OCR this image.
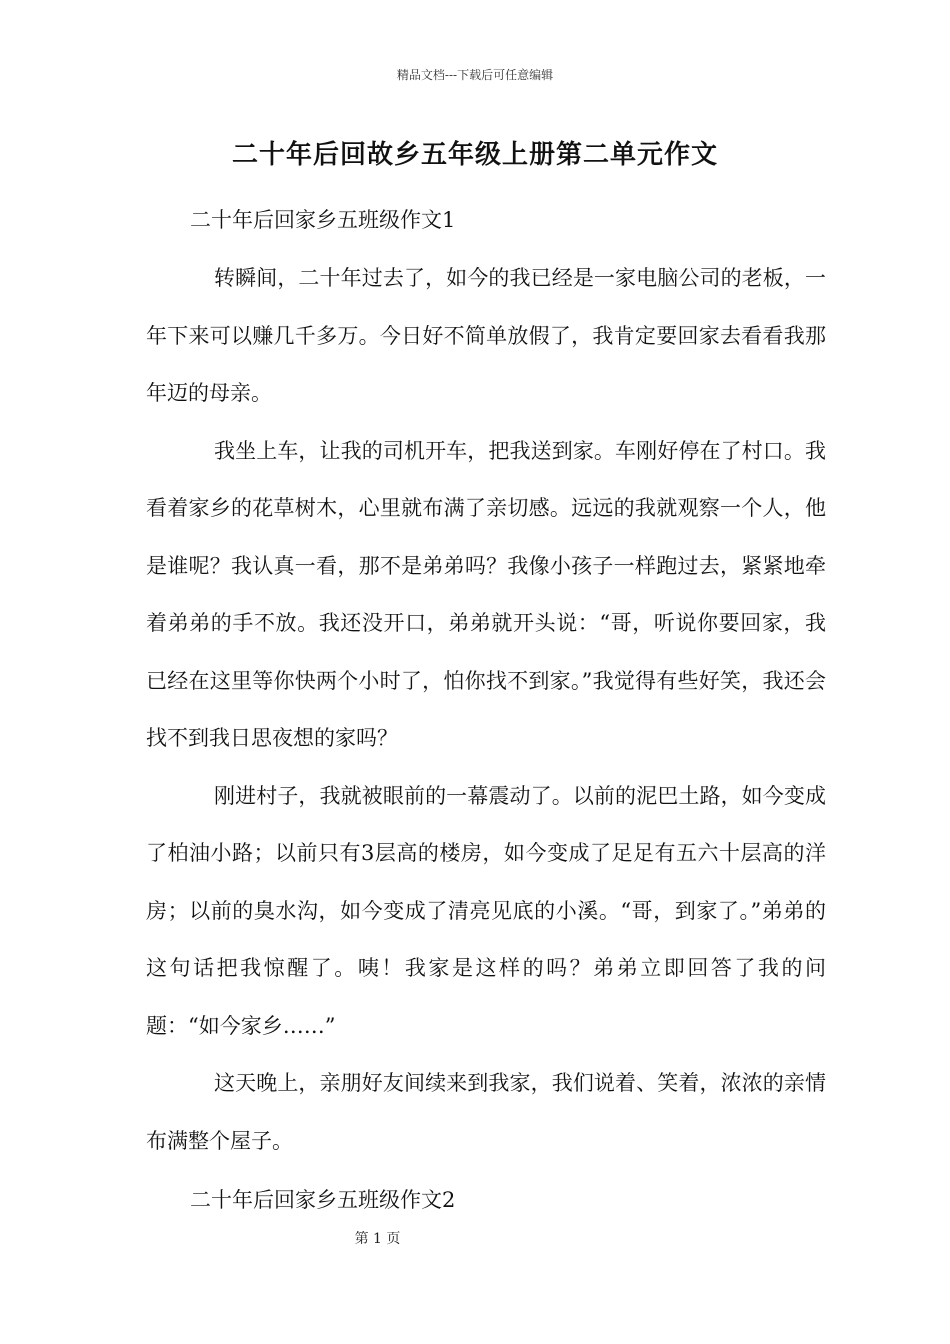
精品文档---下载后可任意编辑
二十年后回故乡五年级上册第二单元作文

二十年后回家乡五班级作文1

转瞬间，二十年过去了，如今的我已经是一家电脑公司的老板，一年下来可以赚几千多万。今日好不简单放假了，我肯定要回家去看看我那年迈的母亲。

我坐上车，让我的司机开车，把我送到家。车刚好停在了村口。我看着家乡的花草树木，心里就布满了亲切感。远远的我就观察一个人，他是谁呢？我认真一看，那不是弟弟吗？我像小孩子一样跑过去，紧紧地牵着弟弟的手不放。我还没开口，弟弟就开头说：“哥，听说你要回家，我已经在这里等你快两个小时了，怕你找不到家。”我觉得有些好笑，我还会找不到我日思夜想的家吗？

刚进村子，我就被眼前的一幕震动了。以前的泥巴土路，如今变成了柏油小路；以前只有3层高的楼房，如今变成了足足有五六十层高的洋房；以前的臭水沟，如今变成了清亮见底的小溪。“哥，到家了。”弟弟的这句话把我惊醒了。咦！我家是这样的吗？弟弟立即回答了我的问题：“如今家乡……”

这天晚上，亲朋好友间续来到我家，我们说着、笑着，浓浓的亲情布满整个屋子。

二十年后回家乡五班级作文2

第 1 页
